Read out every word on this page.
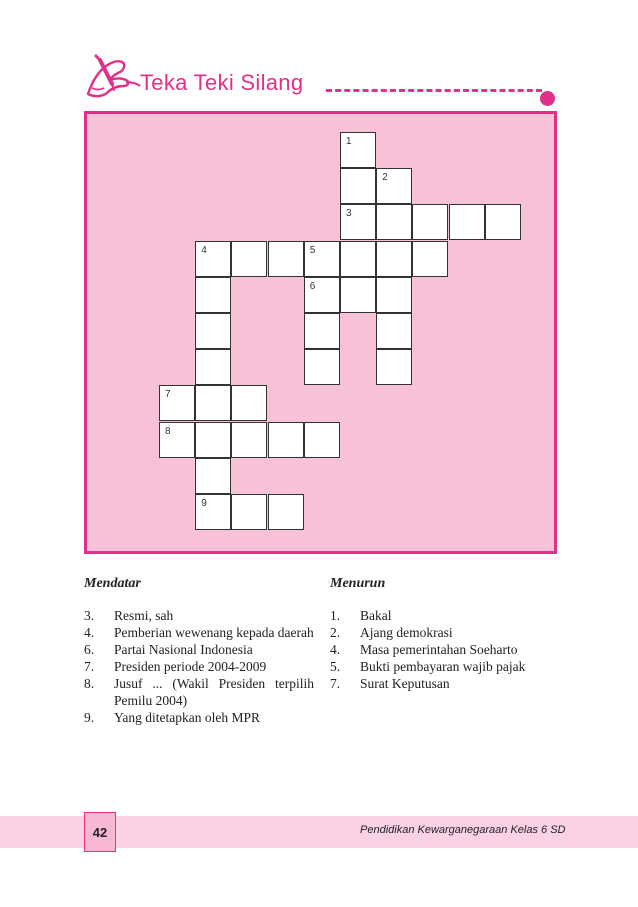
Teka Teki Silang
1
2
3
4	5
6
7
8
9
Mendatar
3.	Resmi, sah
4.	Pemberian wewenang kepada daerah
6.	Partai Nasional Indonesia
7.	Presiden periode 2004-2009
8.	Jusuf ... (Wakil Presiden terpilih Pemilu 2004)
9.	Yang ditetapkan oleh MPR
Menurun
1.	Bakal
2.	Ajang demokrasi
4.	Masa pemerintahan Soeharto
5.	Bukti pembayaran wajib pajak
7.	Surat Keputusan
42	Pendidikan Kewarganegaraan Kelas 6 SD
